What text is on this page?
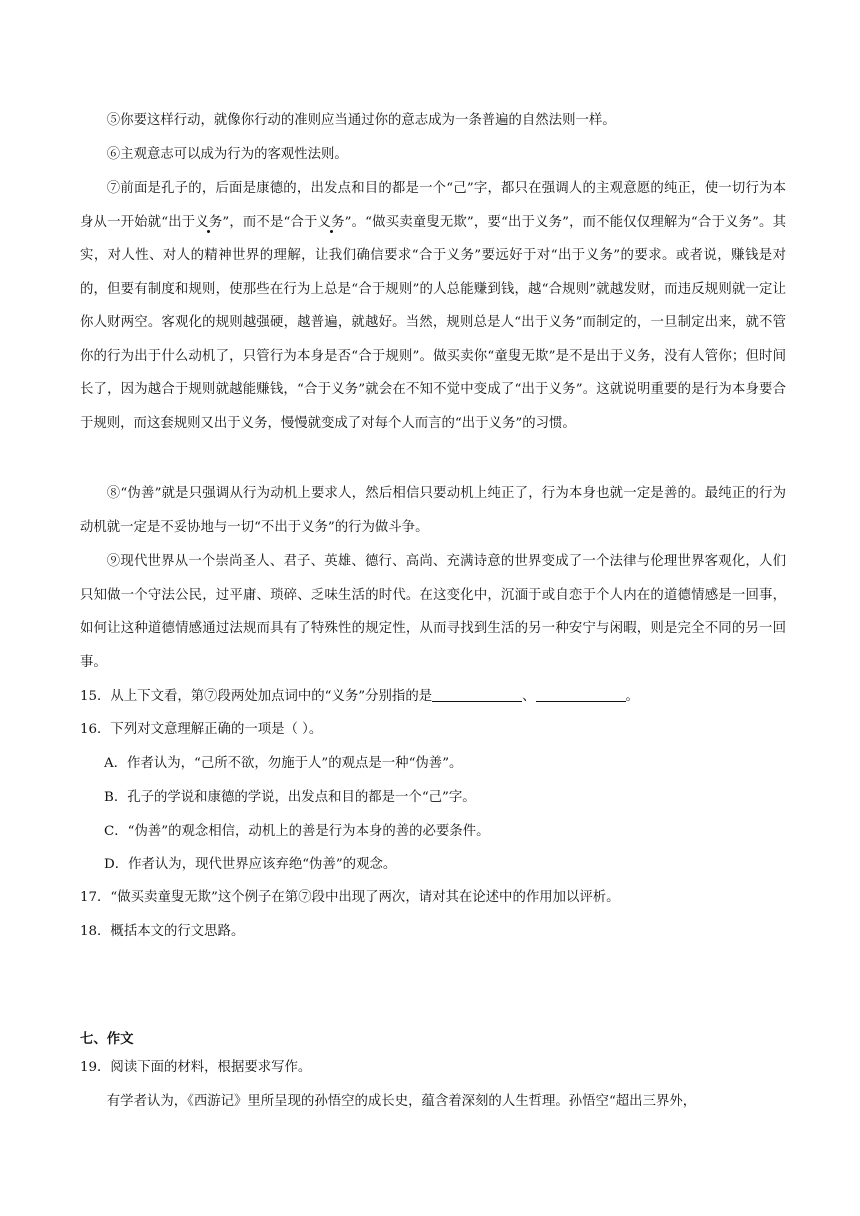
⑤你要这样行动，就像你行动的准则应当通过你的意志成为一条普遍的自然法则一样。

⑥主观意志可以成为行为的客观性法则。

⑦前面是孔子的，后面是康德的，出发点和目的都是一个“己”字，都只在强调人的主观意愿的纯正，使一切行为本身从一开始就“出于义务”，而不是“合于义务”。“做买卖童叟无欺”，要“出于义务”，而不能仅仅理解为“合于义务”。其实，对人性、对人的精神世界的理解，让我们确信要求“合于义务”要远好于对“出于义务”的要求。或者说，赚钱是对的，但要有制度和规则，使那些在行为上总是“合于规则”的人总能赚到钱，越“合规则”就越发财，而违反规则就一定让你人财两空。客观化的规则越强硬，越普遍，就越好。当然，规则总是人“出于义务”而制定的，一旦制定出来，就不管你的行为出于什么动机了，只管行为本身是否“合于规则”。做买卖你“童叟无欺”是不是出于义务，没有人管你；但时间长了，因为越合于规则就越能赚钱，“合于义务”就会在不知不觉中变成了“出于义务”。这就说明重要的是行为本身要合于规则，而这套规则又出于义务，慢慢就变成了对每个人而言的“出于义务”的习惯。

⑧“伪善”就是只强调从行为动机上要求人，然后相信只要动机上纯正了，行为本身也就一定是善的。最纯正的行为动机就一定是不妥协地与一切“不出于义务”的行为做斗争。

⑨现代世界从一个崇尚圣人、君子、英雄、德行、高尚、充满诗意的世界变成了一个法律与伦理世界客观化，人们只知做一个守法公民，过平庸、琐碎、乏味生活的时代。在这变化中，沉湎于或自恋于个人内在的道德情感是一回事，如何让这种道德情感通过法规而具有了特殊性的规定性，从而寻找到生活的另一种安宁与闲暇，则是完全不同的另一回事。

15．从上下文看，第⑦段两处加点词中的“义务”分别指的是	、	。

16．下列对文意理解正确的一项是（ ）。

A．作者认为，“己所不欲，勿施于人”的观点是一种“伪善”。

B．孔子的学说和康德的学说，出发点和目的都是一个“己”字。

C．“伪善”的观念相信，动机上的善是行为本身的善的必要条件。

D．作者认为，现代世界应该弃绝“伪善”的观念。

17．“做买卖童叟无欺”这个例子在第⑦段中出现了两次，请对其在论述中的作用加以评析。

18．概括本文的行文思路。

七、作文

19．阅读下面的材料，根据要求写作。

有学者认为，《西游记》里所呈现的孙悟空的成长史，蕴含着深刻的人生哲理。孙悟空“超出三界外，
